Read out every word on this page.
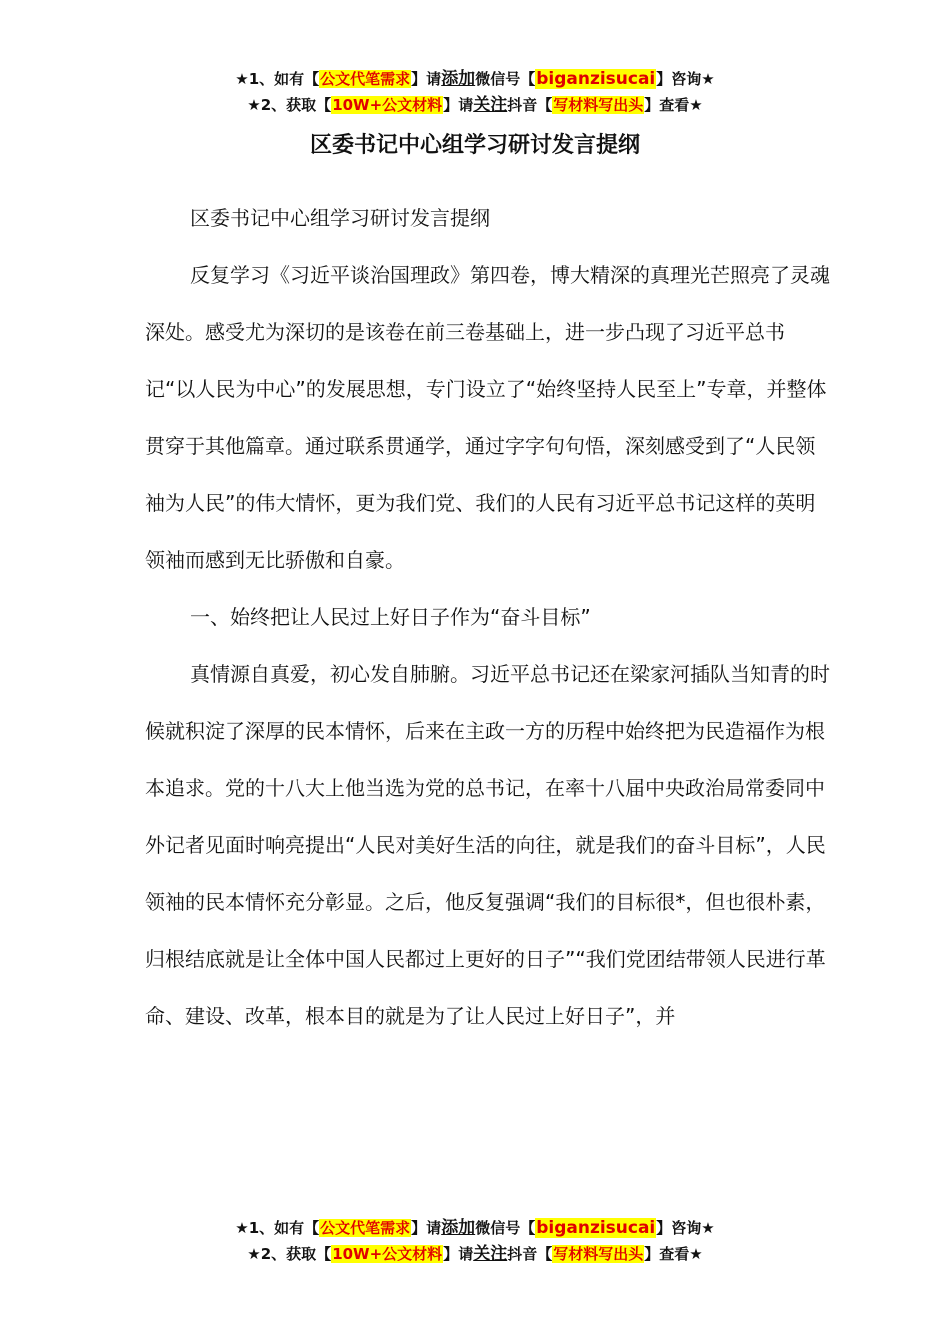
★1、如有【公文代笔需求】请添加微信号【biganzisucai】咨询★
★2、获取【10W+公文材料】请关注抖音【写材料写出头】查看★
区委书记中心组学习研讨发言提纲

区委书记中心组学习研讨发言提纲

反复学习《习近平谈治国理政》第四卷，博大精深的真理光芒照亮了灵魂深处。感受尤为深切的是该卷在前三卷基础上，进一步凸现了习近平总书记“以人民为中心”的发展思想，专门设立了“始终坚持人民至上”专章，并整体贯穿于其他篇章。通过联系贯通学，通过字字句句悟，深刻感受到了“人民领袖为人民”的伟大情怀，更为我们党、我们的人民有习近平总书记这样的英明领袖而感到无比骄傲和自豪。

一、始终把让人民过上好日子作为“奋斗目标”

真情源自真爱，初心发自肺腑。习近平总书记还在梁家河插队当知青的时候就积淀了深厚的民本情怀，后来在主政一方的历程中始终把为民造福作为根本追求。党的十八大上他当选为党的总书记，在率十八届中央政治局常委同中外记者见面时响亮提出“人民对美好生活的向往，就是我们的奋斗目标”，人民领袖的民本情怀充分彰显。之后，他反复强调“我们的目标很*，但也很朴素，归根结底就是让全体中国人民都过上更好的日子”“我们党团结带领人民进行革命、建设、改革，根本目的就是为了让人民过上好日子”，并

★1、如有【公文代笔需求】请添加微信号【biganzisucai】咨询★
★2、获取【10W+公文材料】请关注抖音【写材料写出头】查看★
